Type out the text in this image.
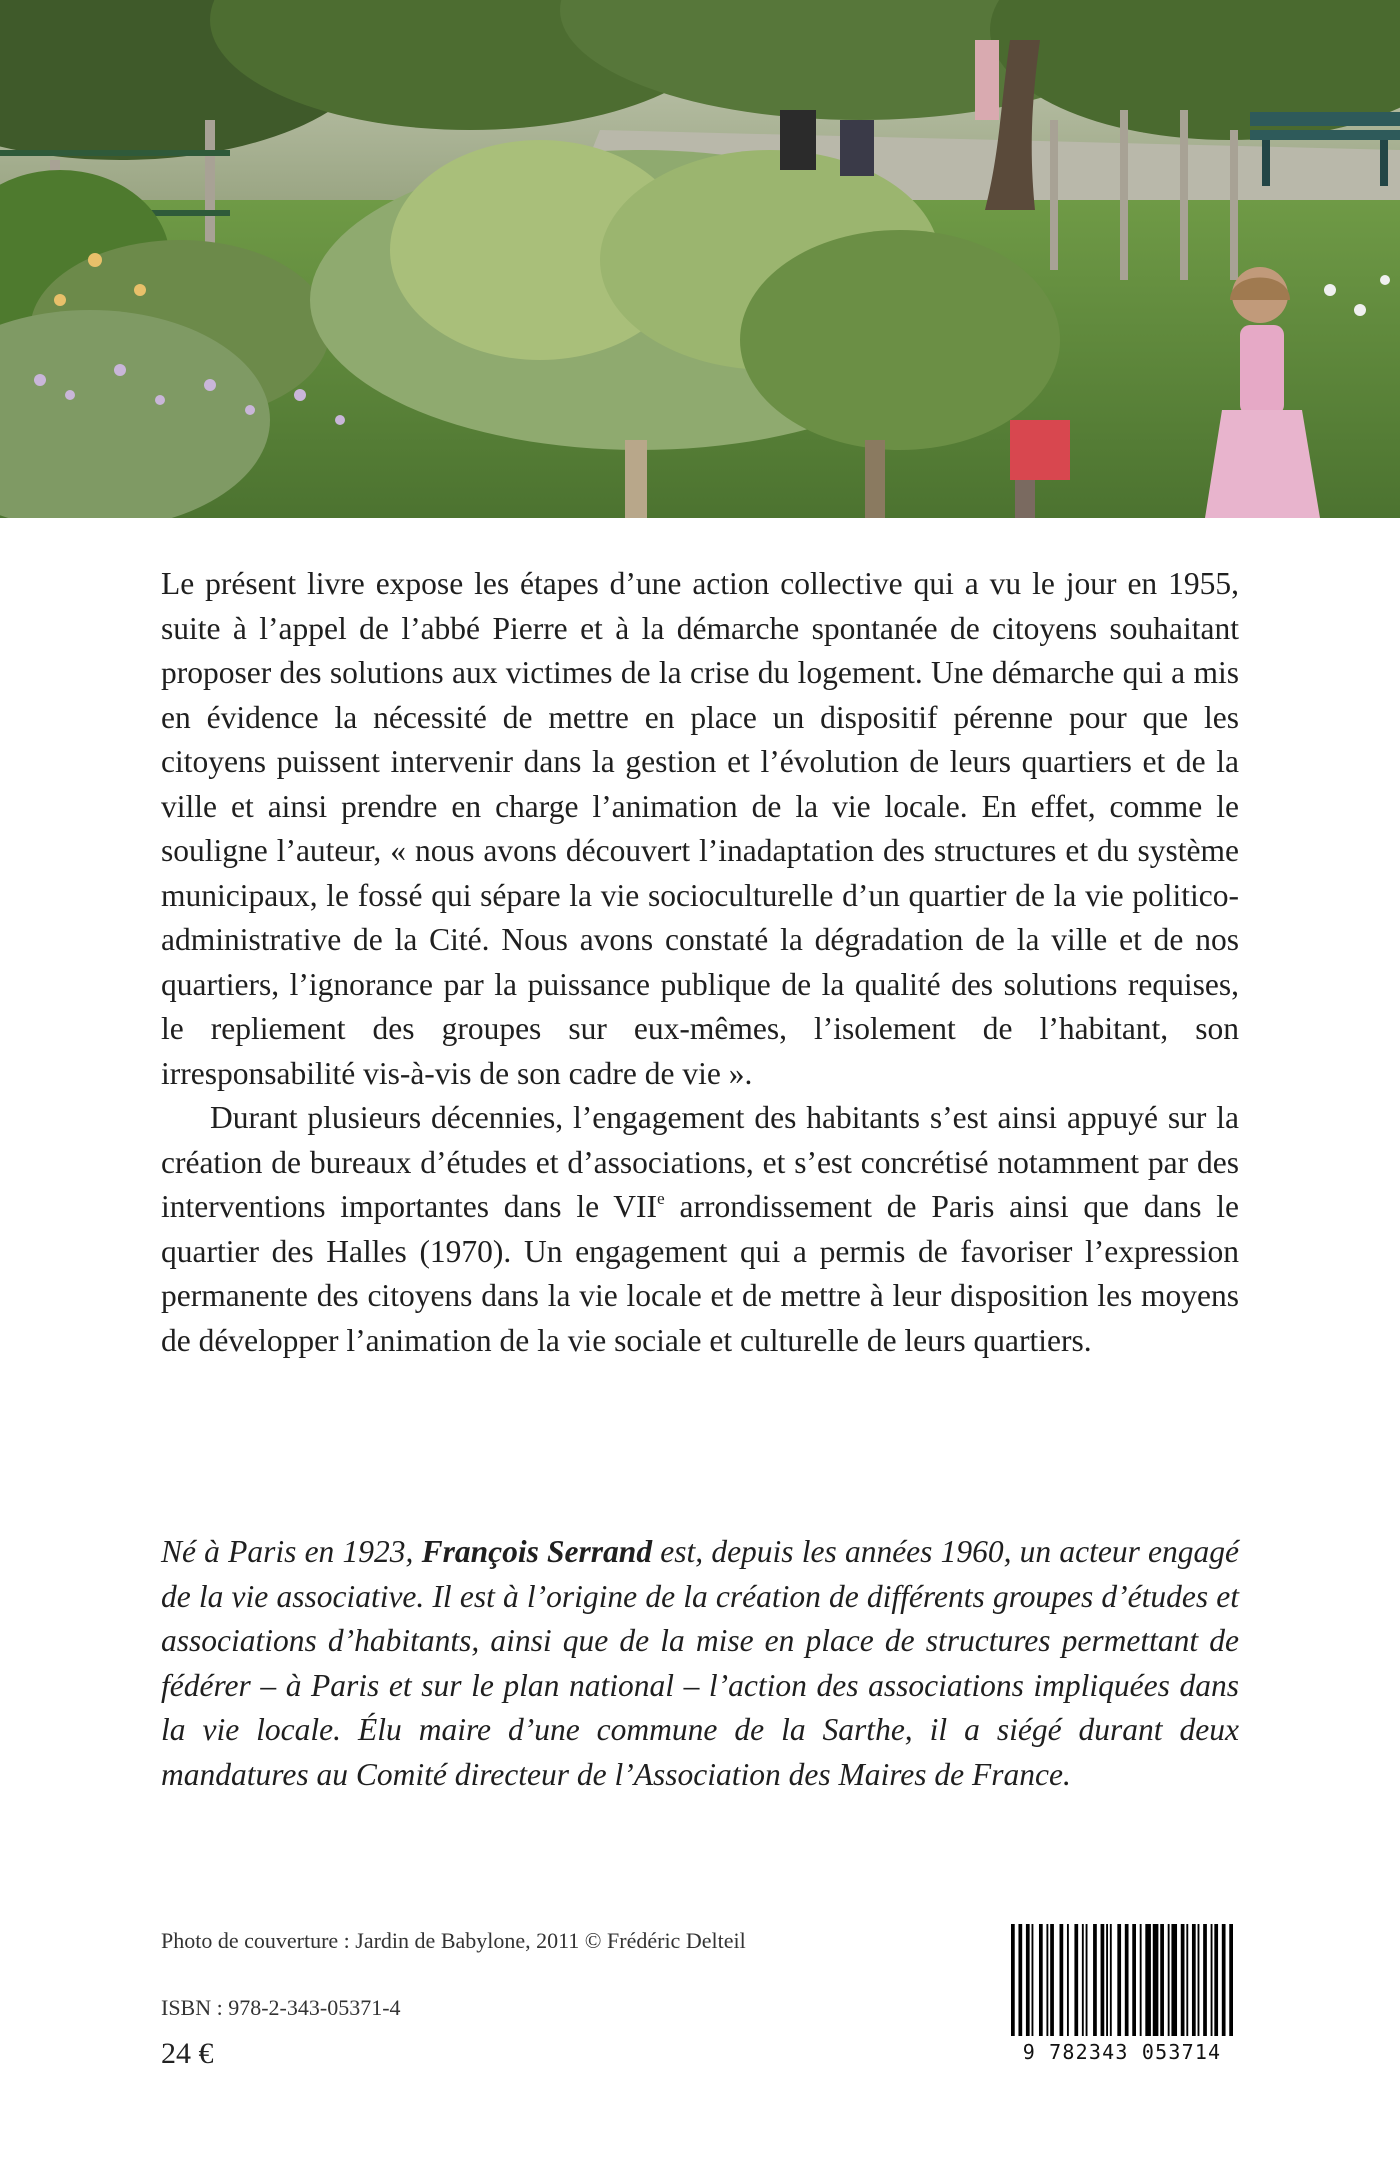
Le présent livre expose les étapes d’une action collective qui a vu le jour en 1955, suite à l’appel de l’abbé Pierre et à la démarche spontanée de citoyens souhaitant proposer des solutions aux victimes de la crise du logement. Une démarche qui a mis en évidence la nécessité de mettre en place un dispositif pérenne pour que les citoyens puissent intervenir dans la gestion et l’évolution de leurs quartiers et de la ville et ainsi prendre en charge l’animation de la vie locale. En effet, comme le souligne l’auteur, « nous avons découvert l’inadaptation des structures et du système municipaux, le fossé qui sépare la vie socioculturelle d’un quartier de la vie politico-administrative de la Cité. Nous avons constaté la dégradation de la ville et de nos quartiers, l’ignorance par la puissance publique de la qualité des solutions requises, le repliement des groupes sur eux-mêmes, l’isolement de l’habitant, son irresponsabilité vis-à-vis de son cadre de vie ».

Durant plusieurs décennies, l’engagement des habitants s’est ainsi appuyé sur la création de bureaux d’études et d’associations, et s’est concrétisé notamment par des interventions importantes dans le VIIe arrondissement de Paris ainsi que dans le quartier des Halles (1970). Un engagement qui a permis de favoriser l’expression permanente des citoyens dans la vie locale et de mettre à leur disposition les moyens de développer l’animation de la vie sociale et culturelle de leurs quartiers.

Né à Paris en 1923, François Serrand est, depuis les années 1960, un acteur engagé de la vie associative. Il est à l’origine de la création de différents groupes d’études et associations d’habitants, ainsi que de la mise en place de structures permettant de fédérer – à Paris et sur le plan national – l’action des associations impliquées dans la vie locale. Élu maire d’une commune de la Sarthe, il a siégé durant deux mandatures au Comité directeur de l’Association des Maires de France.

Photo de couverture : Jardin de Babylone, 2011 © Frédéric Delteil
ISBN : 978-2-343-05371-4
24 €	9 782343 053714
